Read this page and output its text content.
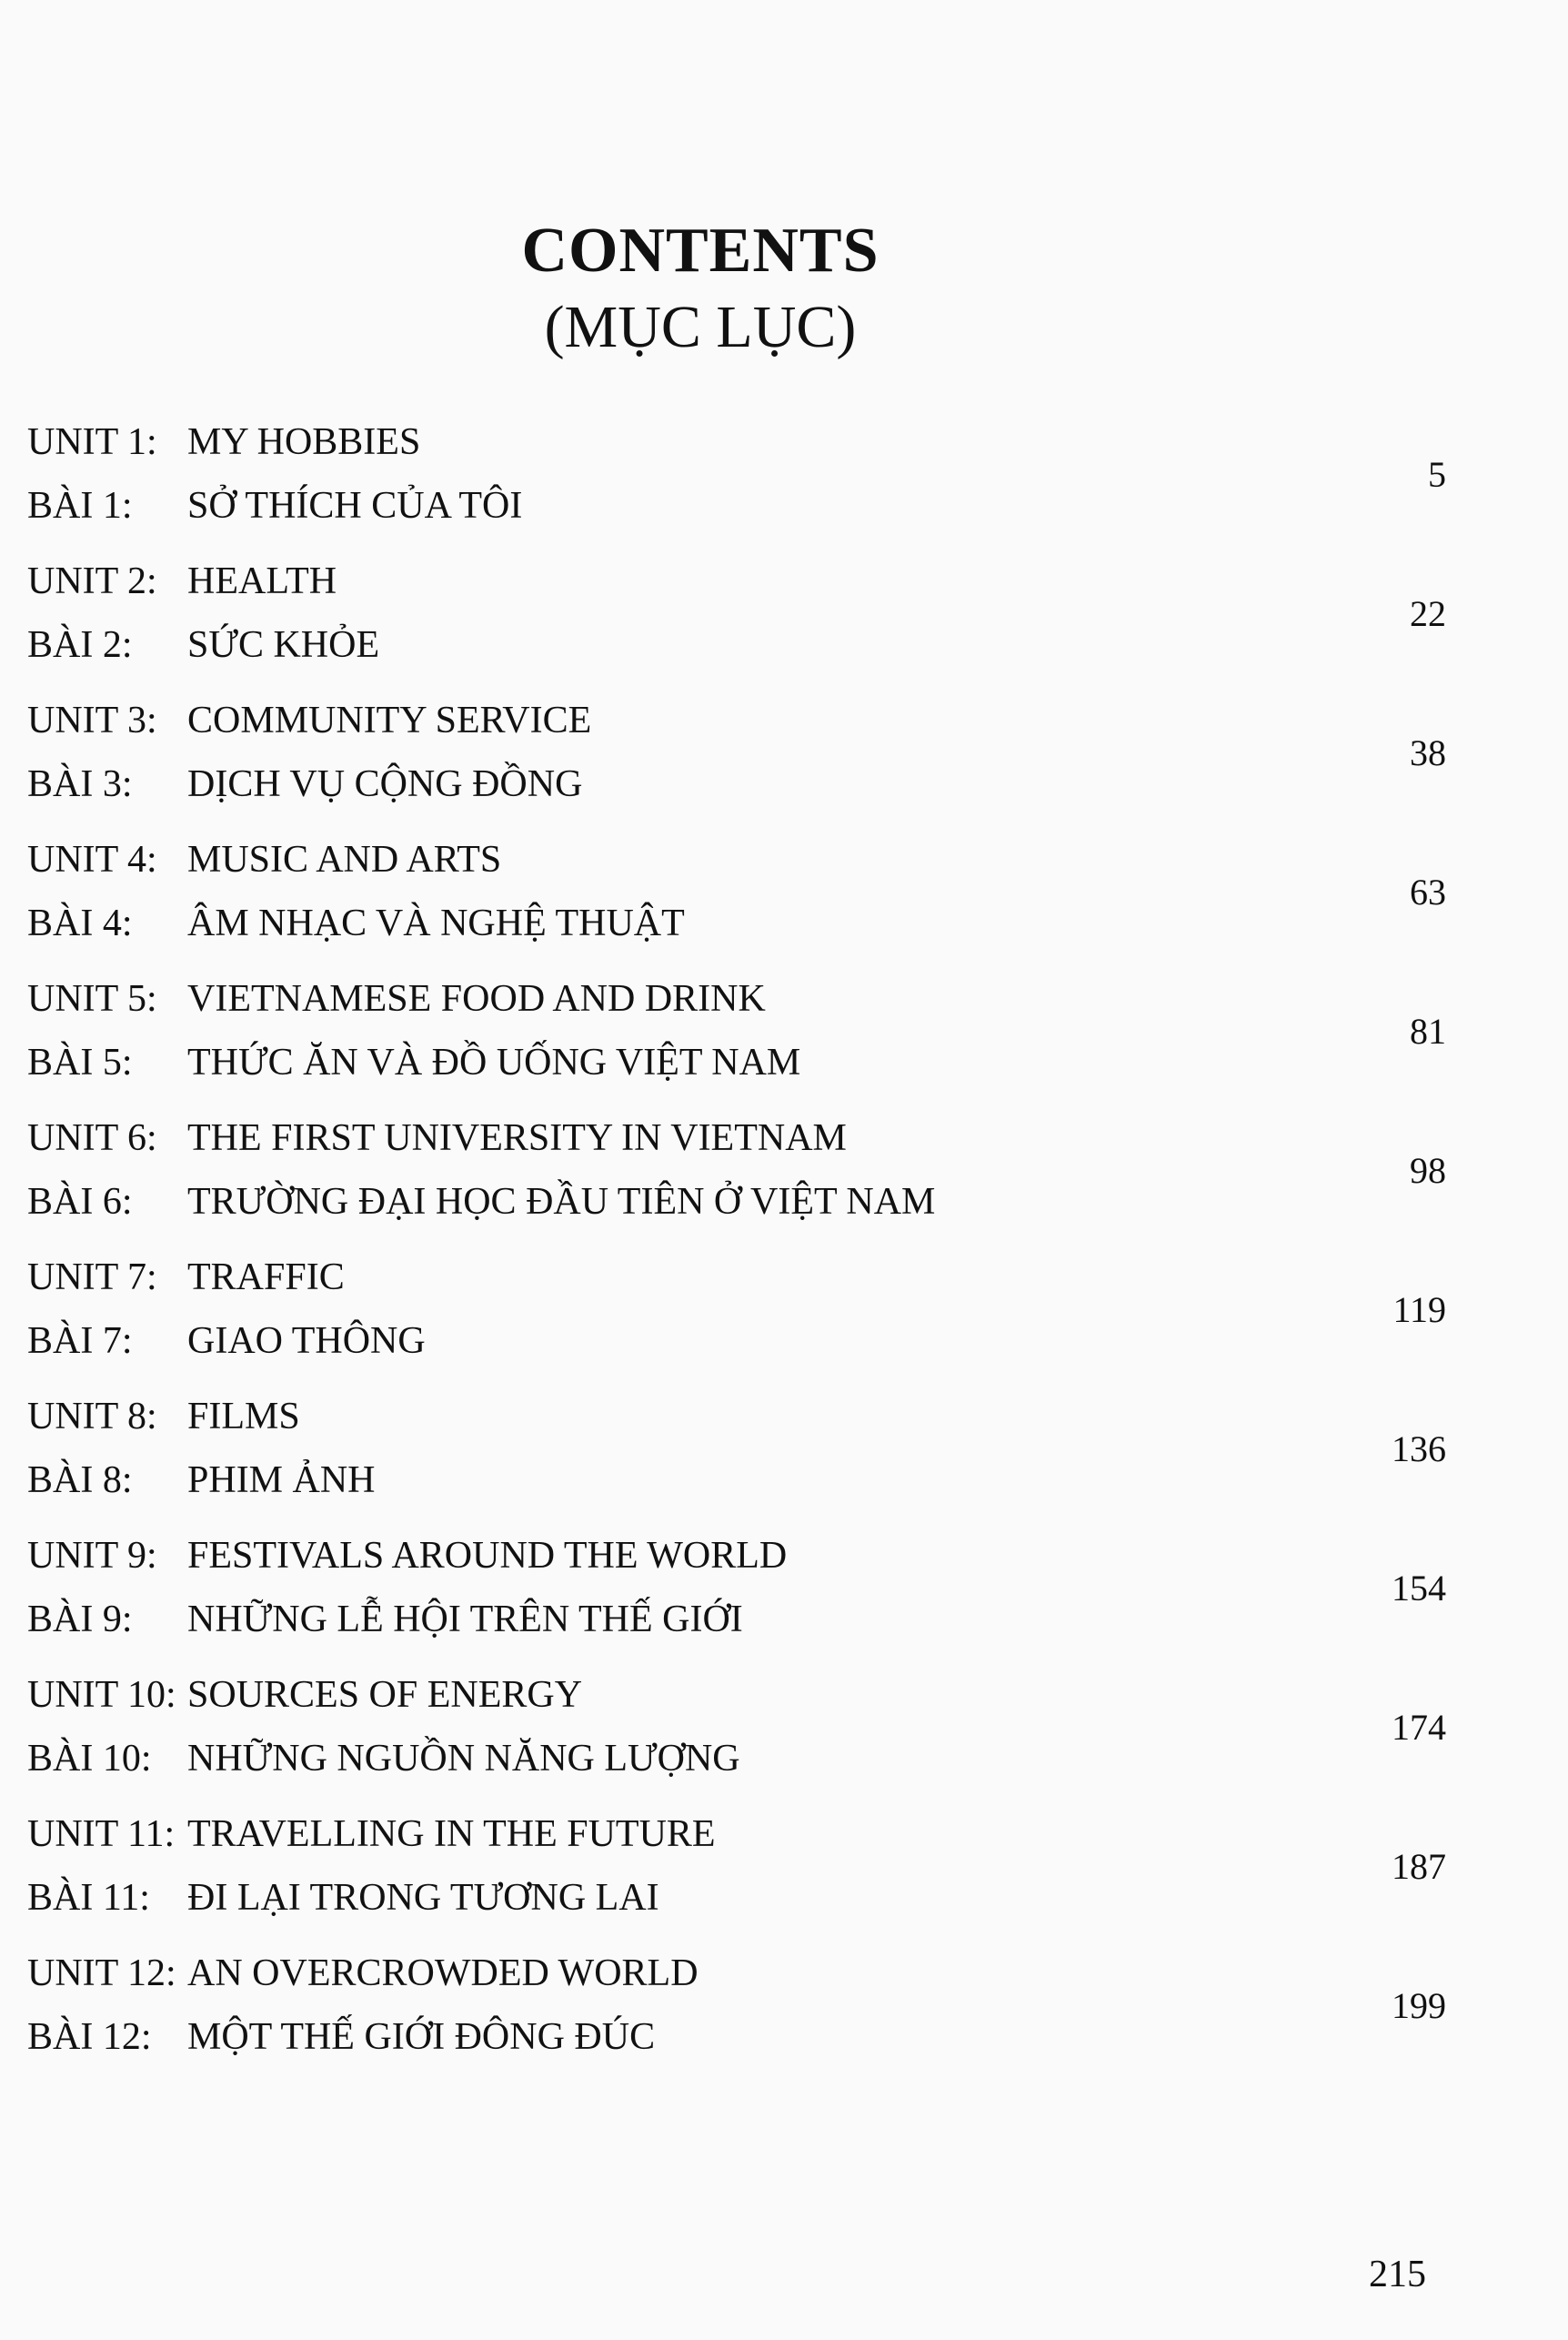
CONTENTS
(MỤC LỤC)
UNIT 1: MY HOBBIES
BÀI 1: SỞ THÍCH CỦA TÔI
5
UNIT 2: HEALTH
BÀI 2: SỨC KHỎE
22
UNIT 3: COMMUNITY SERVICE
BÀI 3: DỊCH VỤ CỘNG ĐỒNG
38
UNIT 4: MUSIC AND ARTS
BÀI 4: ÂM NHẠC VÀ NGHỆ THUẬT
63
UNIT 5: VIETNAMESE FOOD AND DRINK
BÀI 5: THỨC ĂN VÀ ĐỒ UỐNG VIỆT NAM
81
UNIT 6: THE FIRST UNIVERSITY IN VIETNAM
BÀI 6: TRƯỜNG ĐẠI HỌC ĐẦU TIÊN Ở VIỆT NAM
98
UNIT 7: TRAFFIC
BÀI 7: GIAO THÔNG
119
UNIT 8: FILMS
BÀI 8: PHIM ẢNH
136
UNIT 9: FESTIVALS AROUND THE WORLD
BÀI 9: NHỮNG LỄ HỘI TRÊN THẾ GIỚI
154
UNIT 10: SOURCES OF ENERGY
BÀI 10: NHỮNG NGUỒN NĂNG LƯỢNG
174
UNIT 11: TRAVELLING IN THE FUTURE
BÀI 11: ĐI LẠI TRONG TƯƠNG LAI
187
UNIT 12: AN OVERCROWDED WORLD
BÀI 12: MỘT THẾ GIỚI ĐÔNG ĐÚC
199
215
